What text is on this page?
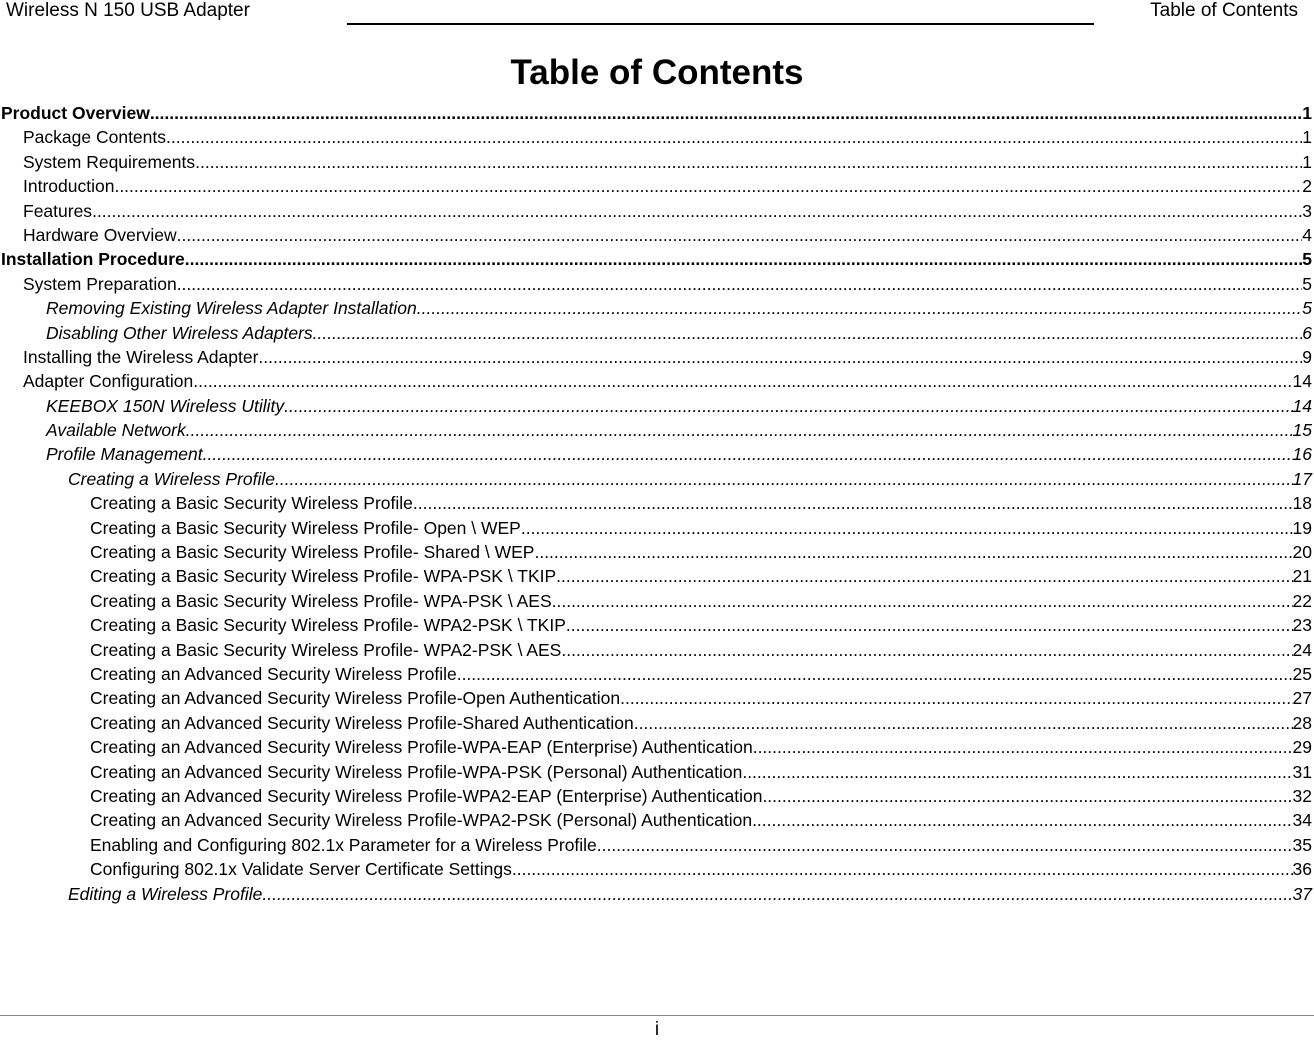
Wireless N 150 USB Adapter	Table of Contents
Table of Contents
Product Overview .....	1
Package Contents .....	1
System Requirements .....	1
Introduction .....	2
Features .....	3
Hardware Overview .....	4
Installation Procedure .....	5
System Preparation .....	5
Removing Existing Wireless Adapter Installation .....	5
Disabling Other Wireless Adapters .....	6
Installing the Wireless Adapter .....	9
Adapter Configuration .....	14
KEEBOX 150N Wireless Utility .....	14
Available Network .....	15
Profile Management .....	16
Creating a Wireless Profile .....	17
Creating a Basic Security Wireless Profile .....	18
Creating a Basic Security Wireless Profile- Open \ WEP .....	19
Creating a Basic Security Wireless Profile- Shared \ WEP .....	20
Creating a Basic Security Wireless Profile- WPA-PSK \ TKIP .....	21
Creating a Basic Security Wireless Profile- WPA-PSK \ AES .....	22
Creating a Basic Security Wireless Profile- WPA2-PSK \ TKIP .....	23
Creating a Basic Security Wireless Profile- WPA2-PSK \ AES .....	24
Creating an Advanced Security Wireless Profile .....	25
Creating an Advanced Security Wireless Profile-Open Authentication .....	27
Creating an Advanced Security Wireless Profile-Shared Authentication .....	28
Creating an Advanced Security Wireless Profile-WPA-EAP (Enterprise) Authentication .....	29
Creating an Advanced Security Wireless Profile-WPA-PSK (Personal) Authentication .....	31
Creating an Advanced Security Wireless Profile-WPA2-EAP (Enterprise) Authentication .....	32
Creating an Advanced Security Wireless Profile-WPA2-PSK (Personal) Authentication .....	34
Enabling and Configuring 802.1x Parameter for a Wireless Profile .....	35
Configuring 802.1x Validate Server Certificate Settings .....	36
Editing a Wireless Profile .....	37
i
